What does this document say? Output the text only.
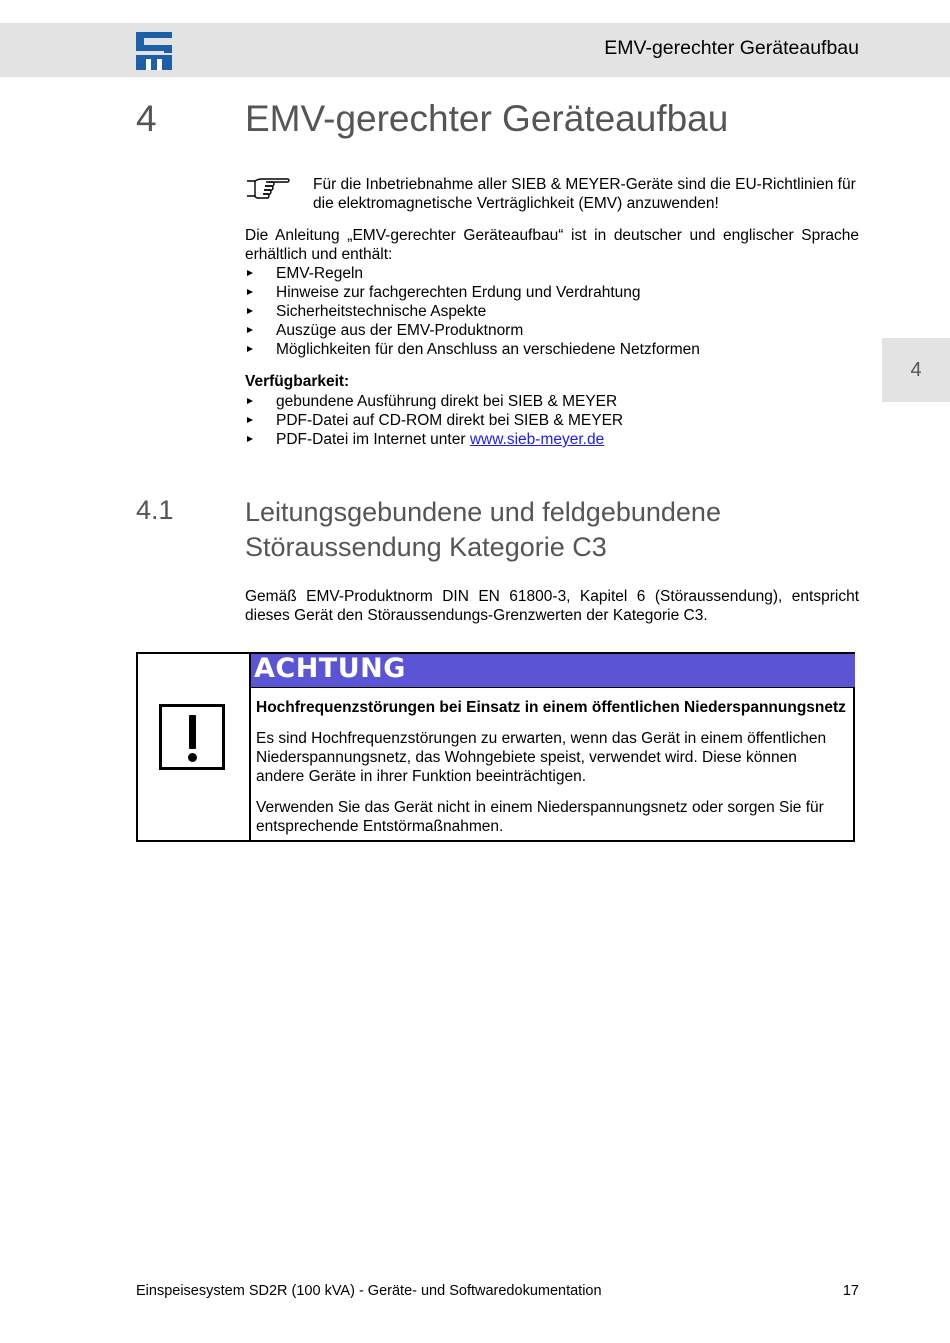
EMV-gerechter Geräteaufbau
4 EMV-gerechter Geräteaufbau
4
Für die Inbetriebnahme aller SIEB & MEYER-Geräte sind die EU-Richtlinien für die elektromagnetische Verträglichkeit (EMV) anzuwenden!
Die Anleitung „EMV-gerechter Geräteaufbau“ ist in deutscher und englischer Sprache erhältlich und enthält:
EMV-Regeln
Hinweise zur fachgerechten Erdung und Verdrahtung
Sicherheitstechnische Aspekte
Auszüge aus der EMV-Produktnorm
Möglichkeiten für den Anschluss an verschiedene Netzformen
Verfügbarkeit:
gebundene Ausführung direkt bei SIEB & MEYER
PDF-Datei auf CD-ROM direkt bei SIEB & MEYER
PDF-Datei im Internet unter www.sieb-meyer.de
4.1	Leitungsgebundene und feldgebundene Störaussendung Kategorie C3
Gemäß EMV-Produktnorm DIN EN 61800-3, Kapitel 6 (Störaussendung), entspricht dieses Gerät den Störaussendungs-Grenzwerten der Kategorie C3.
ACHTUNG
Hochfrequenzstörungen bei Einsatz in einem öffentlichen Niederspannungsnetz

Es sind Hochfrequenzstörungen zu erwarten, wenn das Gerät in einem öffentlichen Niederspannungsnetz, das Wohngebiete speist, verwendet wird. Diese können andere Geräte in ihrer Funktion beeinträchtigen.

Verwenden Sie das Gerät nicht in einem Niederspannungsnetz oder sorgen Sie für entsprechende Entstörmaßnahmen.

Einspeisesystem SD2R (100 kVA) - Geräte- und Softwaredokumentation	17
